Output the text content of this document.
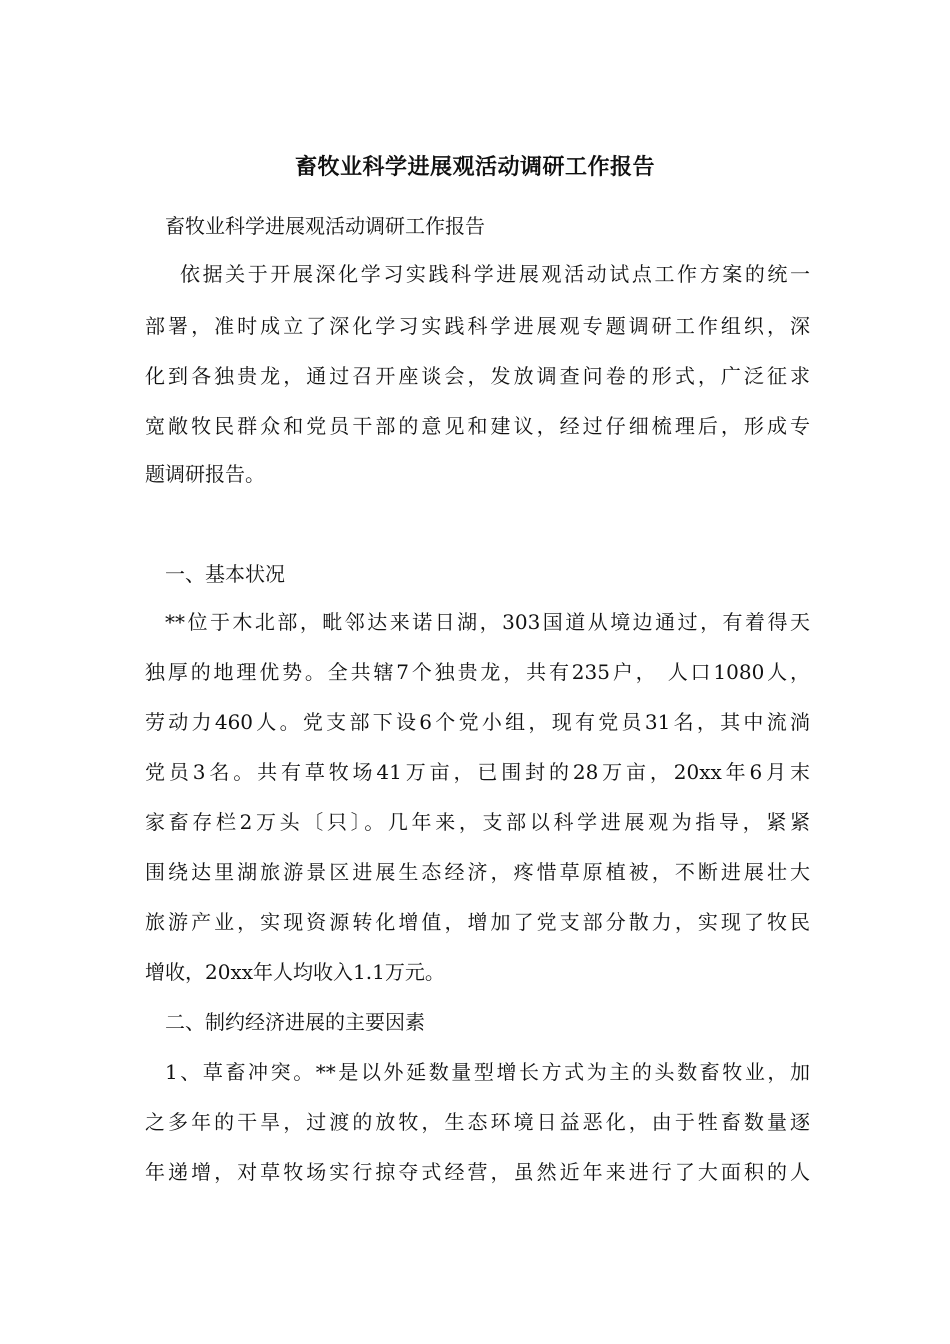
畜牧业科学进展观活动调研工作报告
畜牧业科学进展观活动调研工作报告
依据关于开展深化学习实践科学进展观活动试点工作方案的统一
部署，准时成立了深化学习实践科学进展观专题调研工作组织，深
化到各独贵龙，通过召开座谈会，发放调查问卷的形式，广泛征求
宽敞牧民群众和党员干部的意见和建议，经过仔细梳理后，形成专
题调研报告。
一、基本状况
**位于木北部，毗邻达来诺日湖，303国道从境边通过，有着得天
独厚的地理优势。全共辖7个独贵龙，共有235户， 人口1080人，
劳动力460人。党支部下设6个党小组，现有党员31名，其中流淌
党员3名。共有草牧场41万亩，已围封的28万亩，20xx年6月末
家畜存栏2万头〔只〕。几年来，支部以科学进展观为指导，紧紧
围绕达里湖旅游景区进展生态经济，疼惜草原植被，不断进展壮大
旅游产业，实现资源转化增值，增加了党支部分散力，实现了牧民
增收，20xx年人均收入1.1万元。
二、制约经济进展的主要因素
1、草畜冲突。**是以外延数量型增长方式为主的头数畜牧业，加
之多年的干旱，过渡的放牧，生态环境日益恶化，由于牲畜数量逐
年递增，对草牧场实行掠夺式经营，虽然近年来进行了大面积的人
